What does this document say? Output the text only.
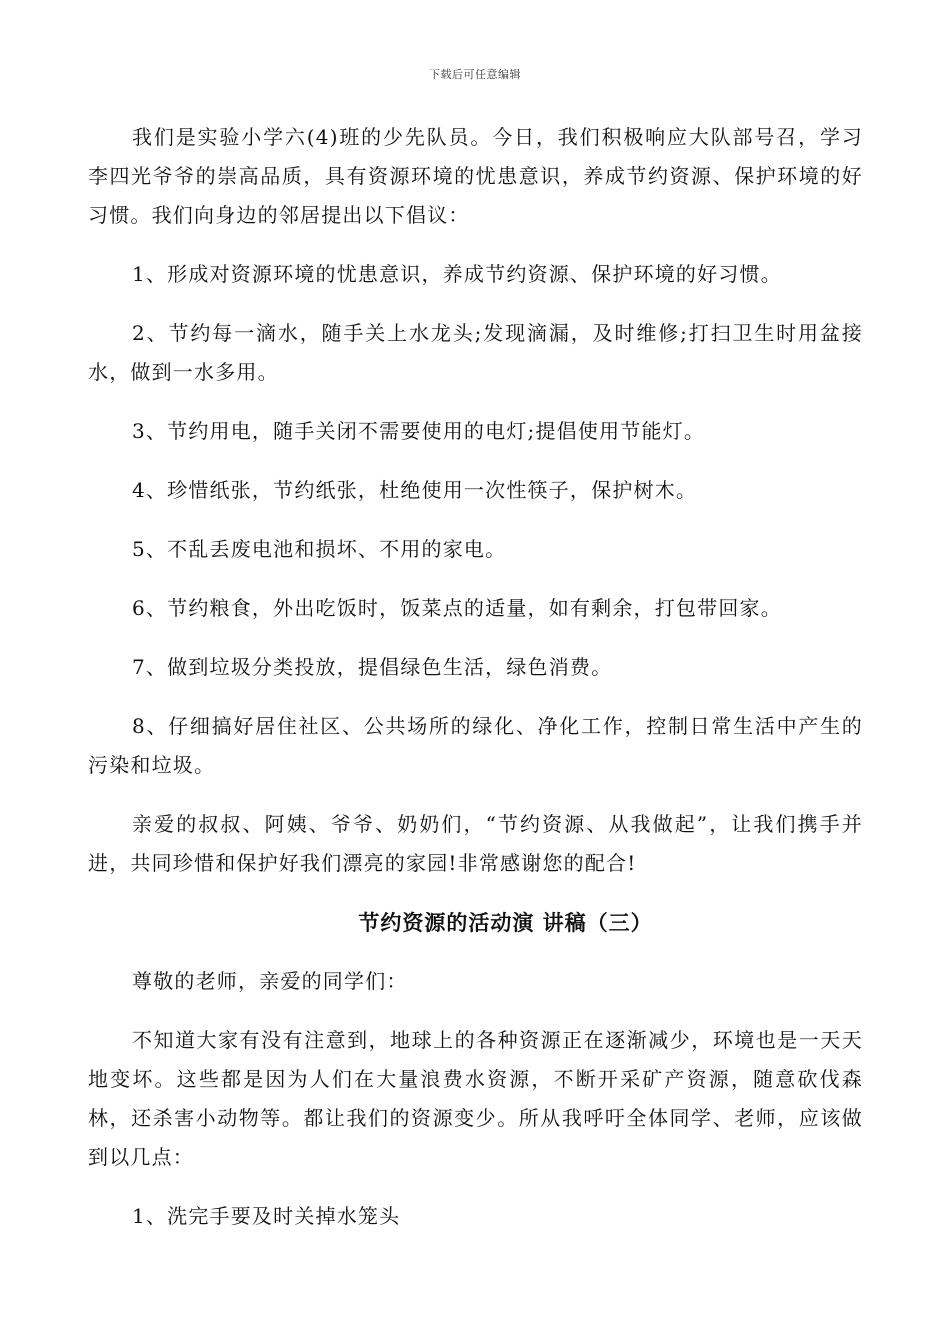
下载后可任意编辑

我们是实验小学六(4)班的少先队员。今日，我们积极响应大队部号召，学习李四光爷爷的崇高品质，具有资源环境的忧患意识，养成节约资源、保护环境的好习惯。我们向身边的邻居提出以下倡议：

1、形成对资源环境的忧患意识，养成节约资源、保护环境的好习惯。

2、节约每一滴水，随手关上水龙头;发现滴漏，及时维修;打扫卫生时用盆接水，做到一水多用。

3、节约用电，随手关闭不需要使用的电灯;提倡使用节能灯。

4、珍惜纸张，节约纸张，杜绝使用一次性筷子，保护树木。

5、不乱丢废电池和损坏、不用的家电。

6、节约粮食，外出吃饭时，饭菜点的适量，如有剩余，打包带回家。

7、做到垃圾分类投放，提倡绿色生活，绿色消费。

8、仔细搞好居住社区、公共场所的绿化、净化工作，控制日常生活中产生的污染和垃圾。

亲爱的叔叔、阿姨、爷爷、奶奶们，“节约资源、从我做起”，让我们携手并进，共同珍惜和保护好我们漂亮的家园!非常感谢您的配合!

节约资源的活动演 讲稿（三）

尊敬的老师，亲爱的同学们：

不知道大家有没有注意到，地球上的各种资源正在逐渐减少，环境也是一天天地变坏。这些都是因为人们在大量浪费水资源，不断开采矿产资源，随意砍伐森林，还杀害小动物等。都让我们的资源变少。所从我呼吁全体同学、老师，应该做到以几点：

1、洗完手要及时关掉水笼头
